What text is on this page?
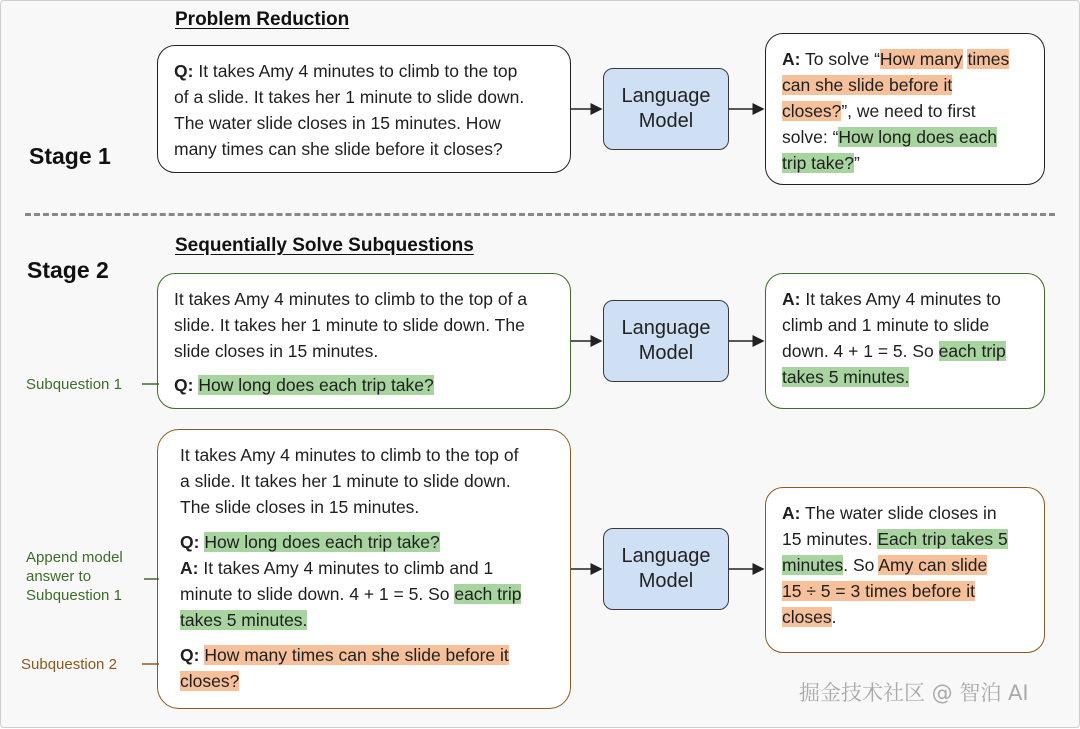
Problem Reduction
Stage 1
Q: It takes Amy 4 minutes to climb to the top
of a slide. It takes her 1 minute to slide down.
The water slide closes in 15 minutes. How
many times can she slide before it closes?
Language
Model
A: To solve “How many times
can she slide before it
closes?”, we need to first
solve: “How long does each
trip take?”
Sequentially Solve Subquestions
Stage 2
It takes Amy 4 minutes to climb to the top of a
slide. It takes her 1 minute to slide down. The
slide closes in 15 minutes.
Q: How long does each trip take?
Subquestion 1
Language
Model
A: It takes Amy 4 minutes to
climb and 1 minute to slide
down. 4 + 1 = 5. So each trip
takes 5 minutes.
It takes Amy 4 minutes to climb to the top of
a slide. It takes her 1 minute to slide down.
The slide closes in 15 minutes.
Q: How long does each trip take?
A: It takes Amy 4 minutes to climb and 1
minute to slide down. 4 + 1 = 5. So each trip
takes 5 minutes.
Q: How many times can she slide before it
closes?
Append model
answer to
Subquestion 1
Subquestion 2
Language
Model
A: The water slide closes in
15 minutes. Each trip takes 5
minutes. So Amy can slide
15 ÷ 5 = 3 times before it
closes.
掘金技术社区 @ 智泊 AI
